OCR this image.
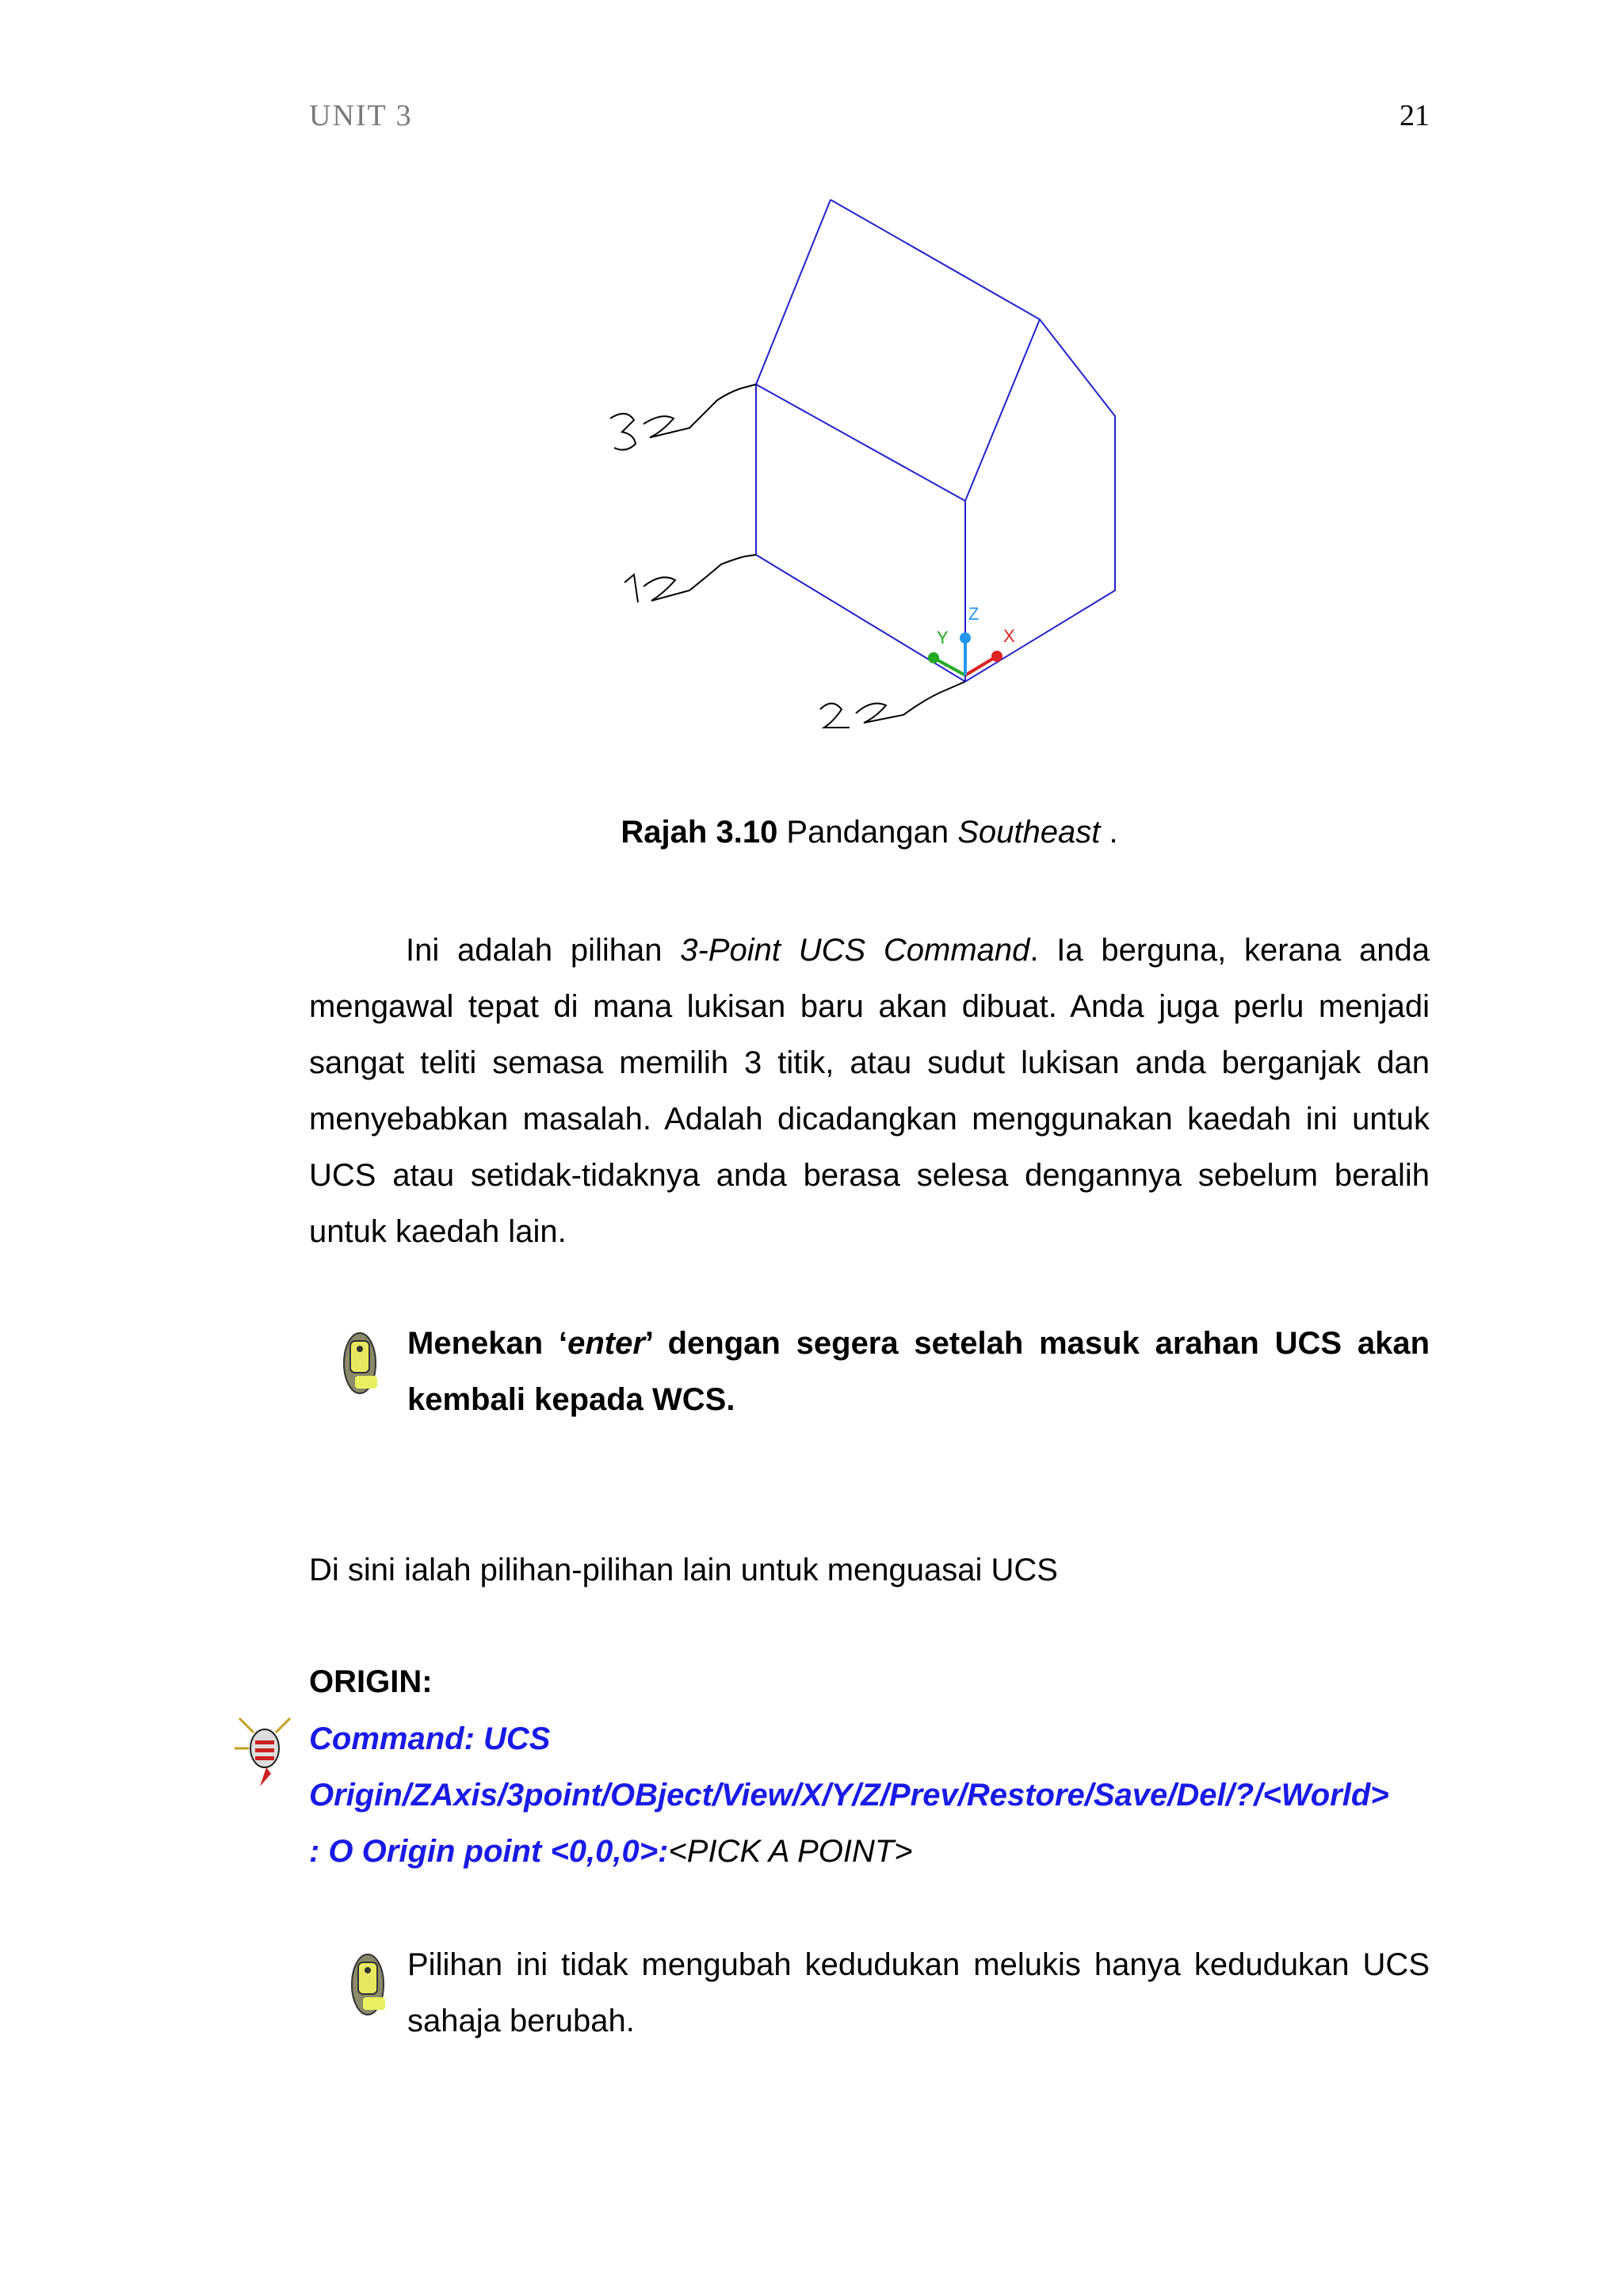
UNIT 3	21
X
Y
Z
Rajah 3.10 Pandangan Southeast .

Ini adalah pilihan 3-Point UCS Command. Ia berguna, kerana anda mengawal tepat di mana lukisan baru akan dibuat. Anda juga perlu menjadi sangat teliti semasa memilih 3 titik, atau sudut lukisan anda berganjak dan menyebabkan masalah. Adalah dicadangkan menggunakan kaedah ini untuk UCS atau setidak-tidaknya anda berasa selesa dengannya sebelum beralih untuk kaedah lain.

Menekan ‘enter’ dengan segera setelah masuk arahan UCS akan kembali kepada WCS.

Di sini ialah pilihan-pilihan lain untuk menguasai UCS

ORIGIN:
Command: UCS
Origin/ZAxis/3point/OBject/View/X/Y/Z/Prev/Restore/Save/Del/?/<World>
: O Origin point <0,0,0>:<PICK A POINT>

Pilihan ini tidak mengubah kedudukan melukis hanya kedudukan UCS sahaja berubah.
